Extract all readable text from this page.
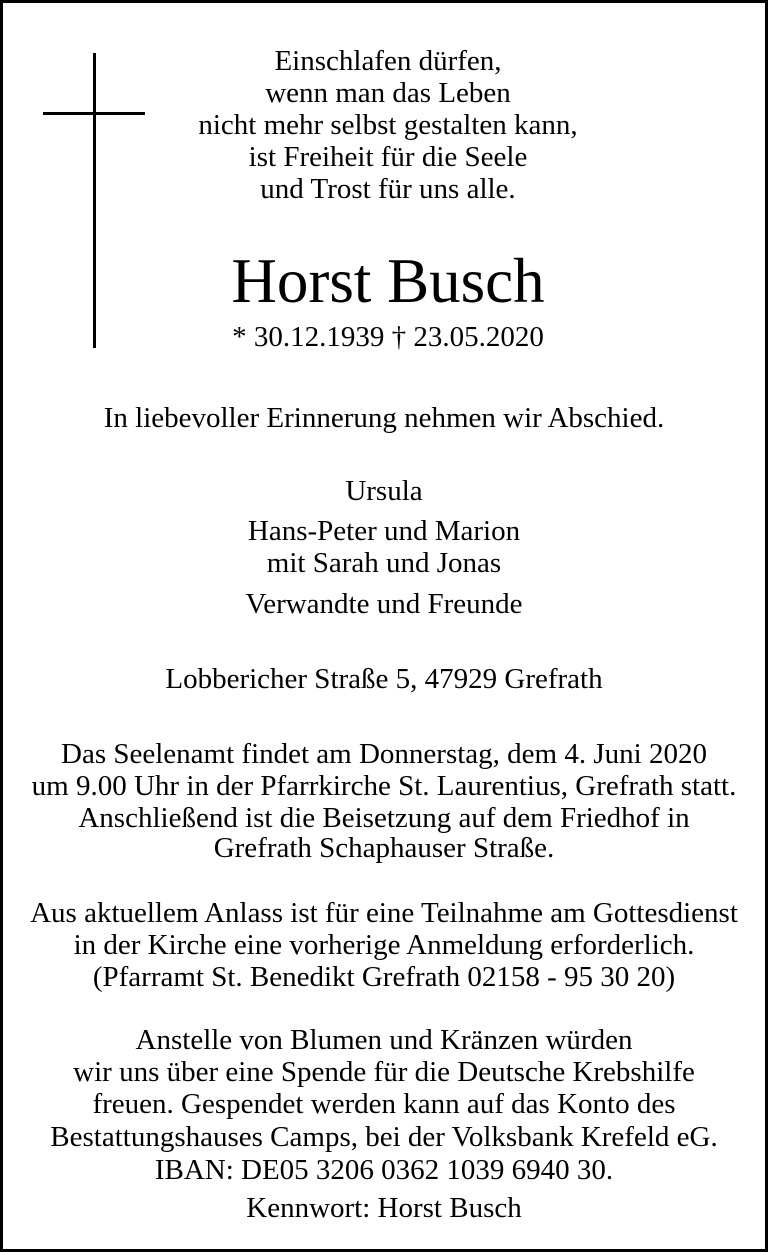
Einschlafen dürfen,
wenn man das Leben
nicht mehr selbst gestalten kann,
ist Freiheit für die Seele
und Trost für uns alle.
Horst Busch
* 30.12.1939 † 23.05.2020
In liebevoller Erinnerung nehmen wir Abschied.
Ursula
Hans-Peter und Marion
mit Sarah und Jonas
Verwandte und Freunde
Lobbericher Straße 5, 47929 Grefrath
Das Seelenamt findet am Donnerstag, dem 4. Juni 2020
um 9.00 Uhr in der Pfarrkirche St. Laurentius, Grefrath statt.
Anschließend ist die Beisetzung auf dem Friedhof in
Grefrath Schaphauser Straße.
Aus aktuellem Anlass ist für eine Teilnahme am Gottesdienst
in der Kirche eine vorherige Anmeldung erforderlich.
(Pfarramt St. Benedikt Grefrath 02158 - 95 30 20)
Anstelle von Blumen und Kränzen würden
wir uns über eine Spende für die Deutsche Krebshilfe
freuen. Gespendet werden kann auf das Konto des
Bestattungshauses Camps, bei der Volksbank Krefeld eG.
IBAN: DE05 3206 0362 1039 6940 30.
Kennwort: Horst Busch
